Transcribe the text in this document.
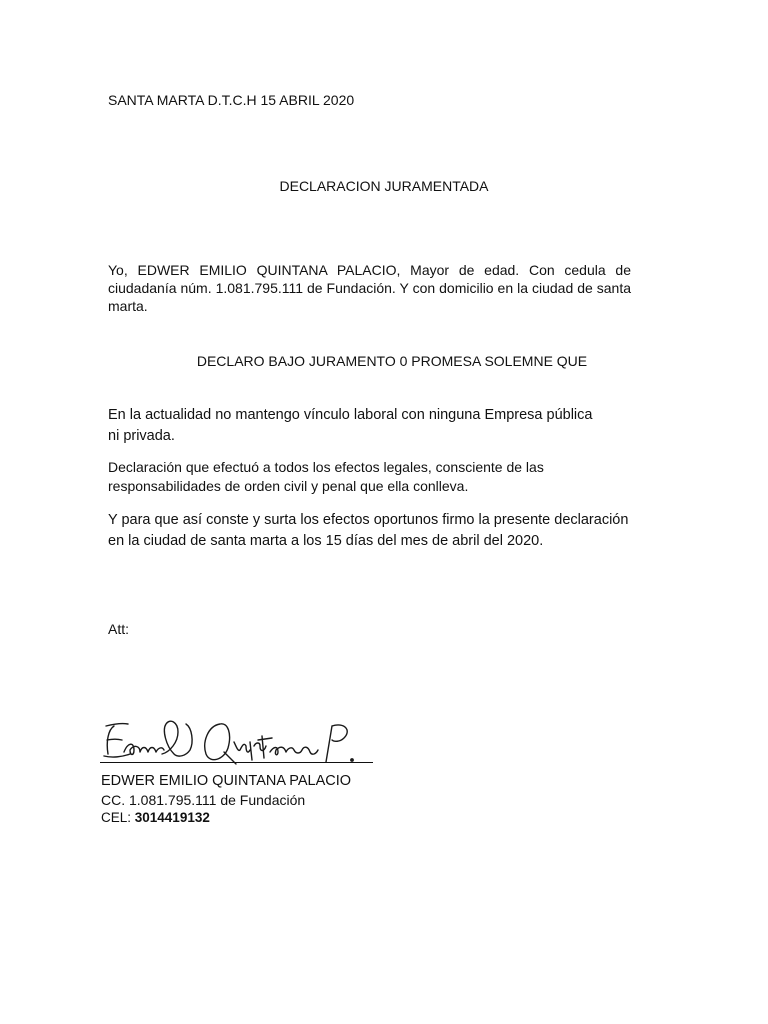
SANTA MARTA D.T.C.H 15 ABRIL 2020
DECLARACION JURAMENTADA
Yo, EDWER EMILIO QUINTANA PALACIO, Mayor de edad. Con cedula de ciudadanía núm. 1.081.795.111 de Fundación. Y con domicilio en la ciudad de santa marta.
DECLARO BAJO JURAMENTO 0 PROMESA SOLEMNE QUE
En la actualidad no mantengo vínculo laboral con ninguna Empresa pública
ni privada.
Declaración que efectuó a todos los efectos legales, consciente de las
responsabilidades de orden civil y penal que ella conlleva.
Y para que así conste y surta los efectos oportunos firmo la presente declaración
en la ciudad de santa marta a los 15 días del mes de abril del 2020.
Att:
EDWER EMILIO QUINTANA PALACIO
CC. 1.081.795.111 de Fundación
CEL: 3014419132
